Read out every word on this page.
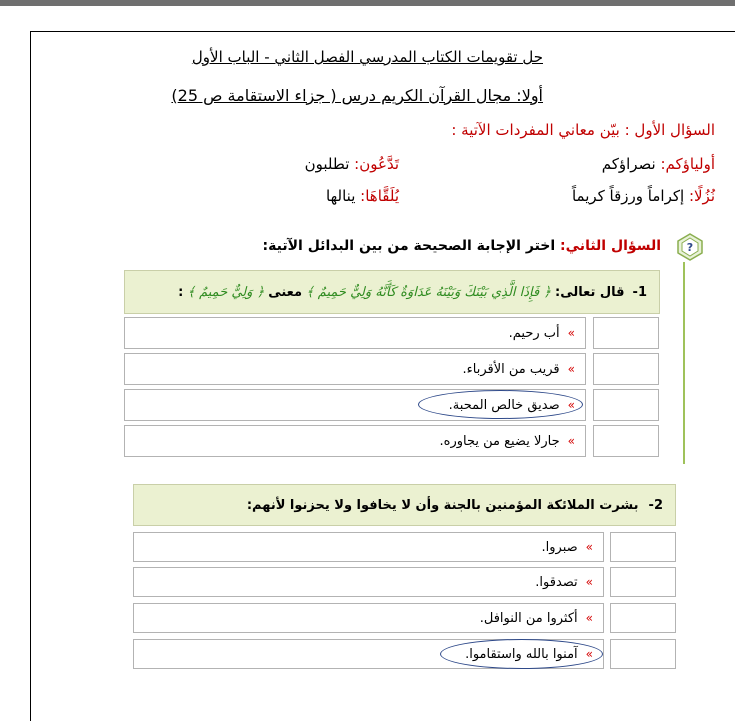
حل تقويمات الكتاب المدرسي الفصل الثاني - الباب الأول
أولا: مجال القرآن الكريم درس ( جزاء الاستقامة ص 25)
السؤال الأول : بيّن معاني المفردات الآتية :
أولياؤكم: نصراؤكم
تَدَّعُون: تطلبون
نُزُلًا: إكراماً ورزقاً كريماً
يُلَقَّاهَا: ينالها
?
السؤال الثاني: اختر الإجابة الصحيحة من بين البدائل الآتية:
1-
قال تعالى:
﴿ فَإِذَا الَّذِي بَيْنَكَ وَبَيْنَهُ عَدَاوَةٌ كَأَنَّهُ وَلِيٌّ حَمِيمٌ ﴾
معنى
﴿ وَلِيٌّ حَمِيمٌ ﴾
:
»
أب رحيم.
»
قريب من الأقرباء.
»
صديق خالص المحبة.
»
جارلا يضيع من يجاوره.
2-
بشرت الملائكة المؤمنين بالجنة وأن لا يخافوا ولا يحزنوا لأنهم:
»
صبروا.
»
تصدقوا.
»
أكثروا من النوافل.
»
آمنوا بالله واستقاموا.
